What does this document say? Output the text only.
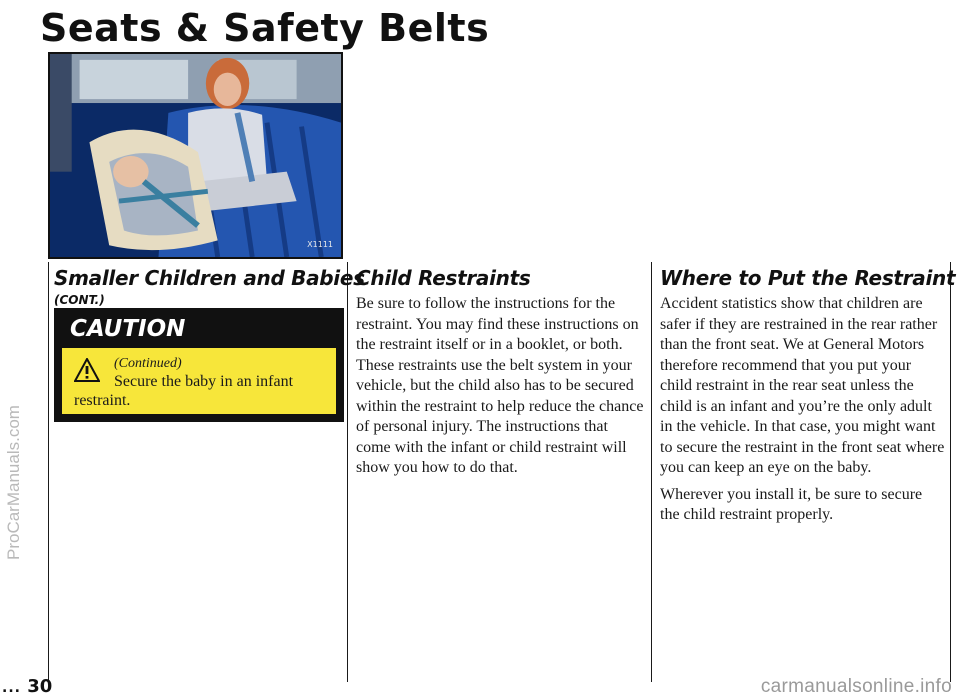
Seats & Safety Belts
X1111
Smaller Children and Babies
(CONT.)
CAUTION
(Continued)
Secure the baby in an infant restraint.
Child Restraints

Be sure to follow the instructions for the restraint. You may find these instructions on the restraint itself or in a booklet, or both. These restraints use the belt system in your vehicle, but the child also has to be secured within the restraint to help reduce the chance of personal injury. The instructions that come with the infant or child restraint will show you how to do that.

Where to Put the Restraint

Accident statistics show that children are safer if they are restrained in the rear rather than the front seat. We at General Motors therefore recommend that you put your child restraint in the rear seat unless the child is an infant and you’re the only adult in the vehicle. In that case, you might want to secure the restraint in the front seat where you can keep an eye on the baby.

Wherever you install it, be sure to secure the child restraint properly.

... 30
ProCarManuals.com
carmanualsonline.info
